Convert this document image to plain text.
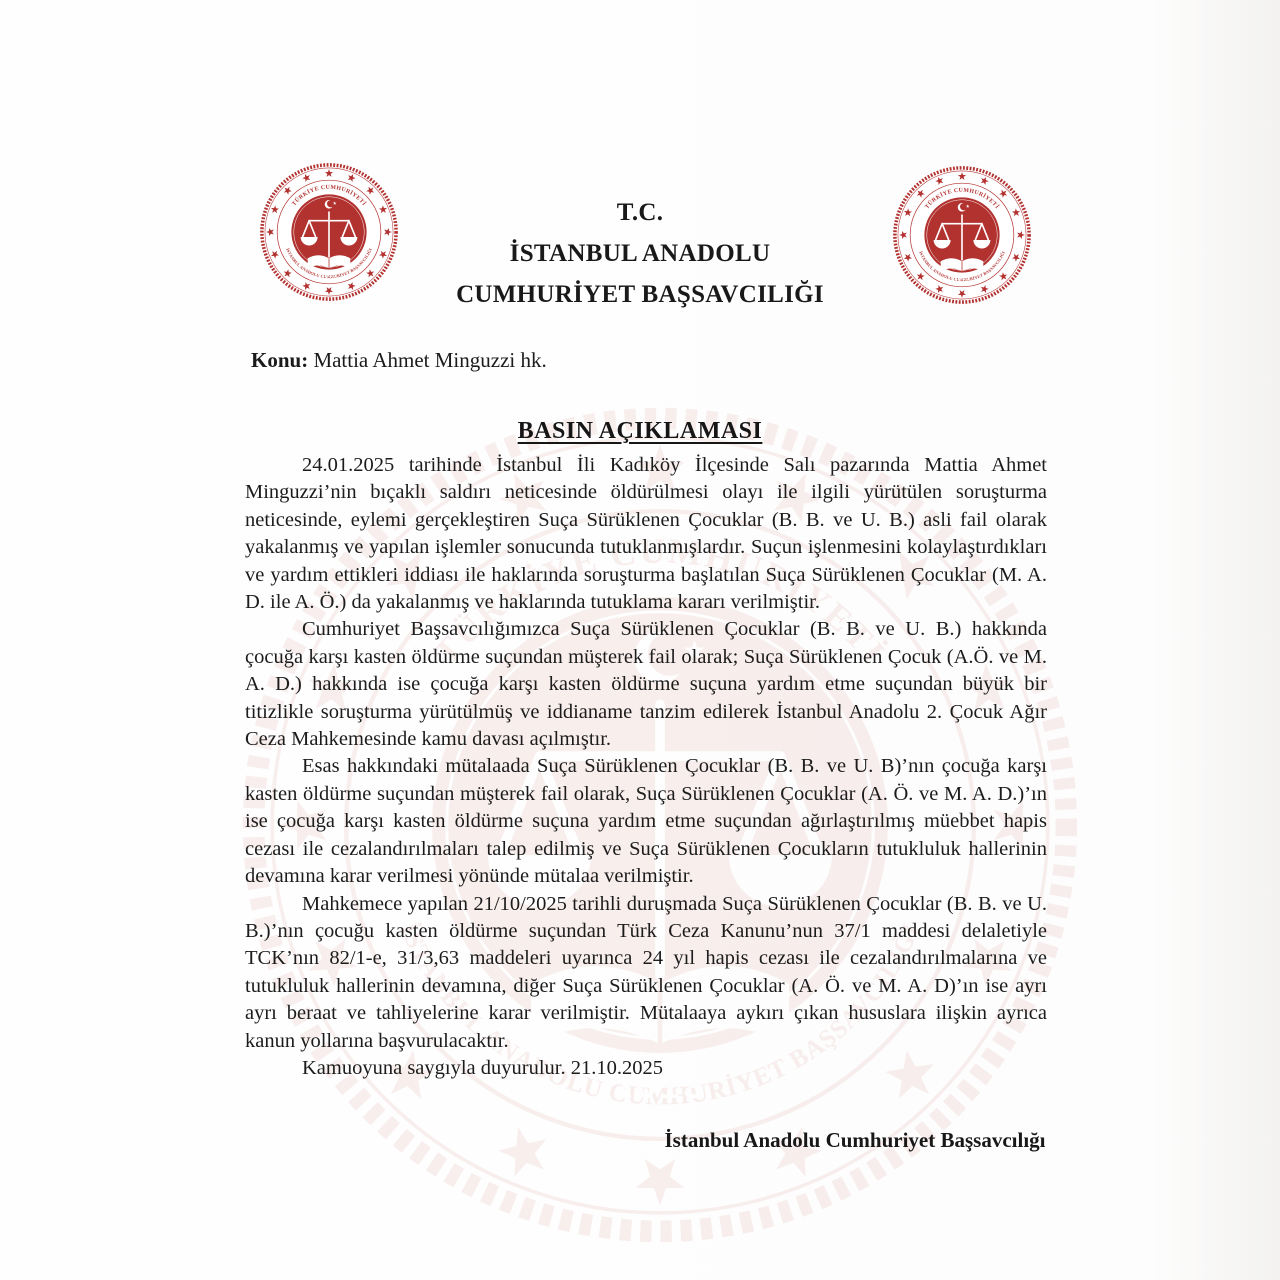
T.C.
İSTANBUL ANADOLU
CUMHURİYET BAŞSAVCILIĞI
Konu: Mattia Ahmet Minguzzi hk.
BASIN AÇIKLAMASI

24.01.2025 tarihinde İstanbul İli Kadıköy İlçesinde Salı pazarında Mattia Ahmet Minguzzi’nin bıçaklı saldırı neticesinde öldürülmesi olayı ile ilgili yürütülen soruşturma neticesinde, eylemi gerçekleştiren Suça Sürüklenen Çocuklar (B. B. ve U. B.) asli fail olarak yakalanmış ve yapılan işlemler sonucunda tutuklanmışlardır. Suçun işlenmesini kolaylaştırdıkları ve yardım ettikleri iddiası ile haklarında soruşturma başlatılan Suça Sürüklenen Çocuklar (M. A. D. ile A. Ö.) da yakalanmış ve haklarında tutuklama kararı verilmiştir.

Cumhuriyet Başsavcılığımızca Suça Sürüklenen Çocuklar (B. B. ve U. B.) hakkında çocuğa karşı kasten öldürme suçundan müşterek fail olarak; Suça Sürüklenen Çocuk (A.Ö. ve M. A. D.) hakkında ise çocuğa karşı kasten öldürme suçuna yardım etme suçundan büyük bir titizlikle soruşturma yürütülmüş ve iddianame tanzim edilerek İstanbul Anadolu 2. Çocuk Ağır Ceza Mahkemesinde kamu davası açılmıştır.

Esas hakkındaki mütalaada Suça Sürüklenen Çocuklar (B. B. ve U. B)’nın çocuğa karşı kasten öldürme suçundan müşterek fail olarak, Suça Sürüklenen Çocuklar (A. Ö. ve M. A. D.)’ın ise çocuğa karşı kasten öldürme suçuna yardım etme suçundan ağırlaştırılmış müebbet hapis cezası ile cezalandırılmaları talep edilmiş ve Suça Sürüklenen Çocukların tutukluluk hallerinin devamına karar verilmesi yönünde mütalaa verilmiştir.

Mahkemece yapılan 21/10/2025 tarihli duruşmada Suça Sürüklenen Çocuklar (B. B. ve U. B.)’nın çocuğu kasten öldürme suçundan Türk Ceza Kanunu’nun 37/1 maddesi delaletiyle TCK’nın 82/1-e, 31/3,63 maddeleri uyarınca 24 yıl hapis cezası ile cezalandırılmalarına ve tutukluluk hallerinin devamına, diğer Suça Sürüklenen Çocuklar (A. Ö. ve M. A. D)’ın ise ayrı ayrı beraat ve tahliyelerine karar verilmiştir. Mütalaaya aykırı çıkan hususlara ilişkin ayrıca kanun yollarına başvurulacaktır.

Kamuoyuna saygıyla duyurulur. 21.10.2025

İstanbul Anadolu Cumhuriyet Başsavcılığı
